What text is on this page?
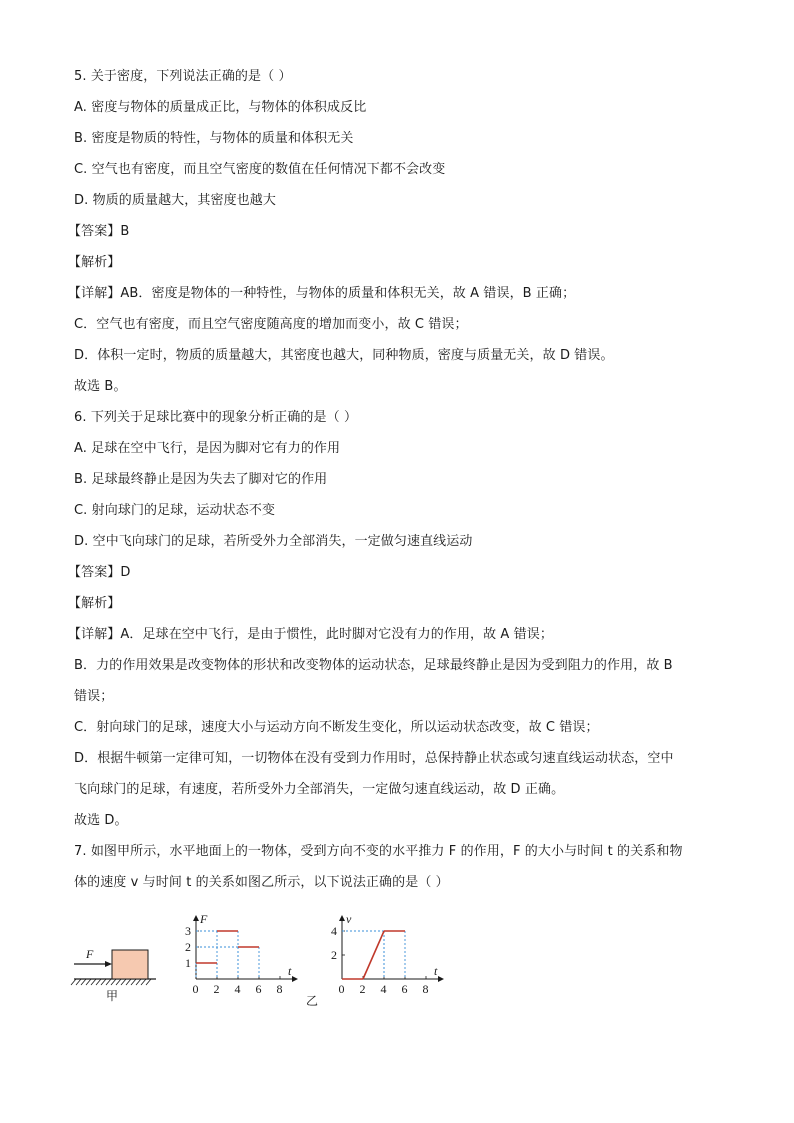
5. 关于密度，下列说法正确的是（ ）
A. 密度与物体的质量成正比，与物体的体积成反比
B. 密度是物质的特性，与物体的质量和体积无关
C. 空气也有密度，而且空气密度的数值在任何情况下都不会改变
D. 物质的质量越大，其密度也越大
【答案】B
【解析】
【详解】AB．密度是物体的一种特性，与物体的质量和体积无关，故 A 错误，B 正确；
C．空气也有密度，而且空气密度随高度的增加而变小，故 C 错误；
D．体积一定时，物质的质量越大，其密度也越大，同种物质，密度与质量无关，故 D 错误。
故选 B。
6. 下列关于足球比赛中的现象分析正确的是（ ）
A. 足球在空中飞行，是因为脚对它有力的作用
B. 足球最终静止是因为失去了脚对它的作用
C. 射向球门的足球，运动状态不变
D. 空中飞向球门的足球，若所受外力全部消失，一定做匀速直线运动
【答案】D
【解析】
【详解】A．足球在空中飞行，是由于惯性，此时脚对它没有力的作用，故 A 错误；
B．力的作用效果是改变物体的形状和改变物体的运动状态，足球最终静止是因为受到阻力的作用，故 B
错误；
C．射向球门的足球，速度大小与运动方向不断发生变化，所以运动状态改变，故 C 错误；
D．根据牛顿第一定律可知，一切物体在没有受到力作用时，总保持静止状态或匀速直线运动状态，空中
飞向球门的足球，有速度，若所受外力全部消失，一定做匀速直线运动，故 D 正确。
故选 D。
7. 如图甲所示，水平地面上的一物体，受到方向不变的水平推力 F 的作用，F 的大小与时间 t 的关系和物
体的速度 v 与时间 t 的关系如图乙所示，以下说法正确的是（ ）
F
甲
F
t
0 2 4 6 8
1
2
3
v
t
0 2 4 6 8
2
4
乙
